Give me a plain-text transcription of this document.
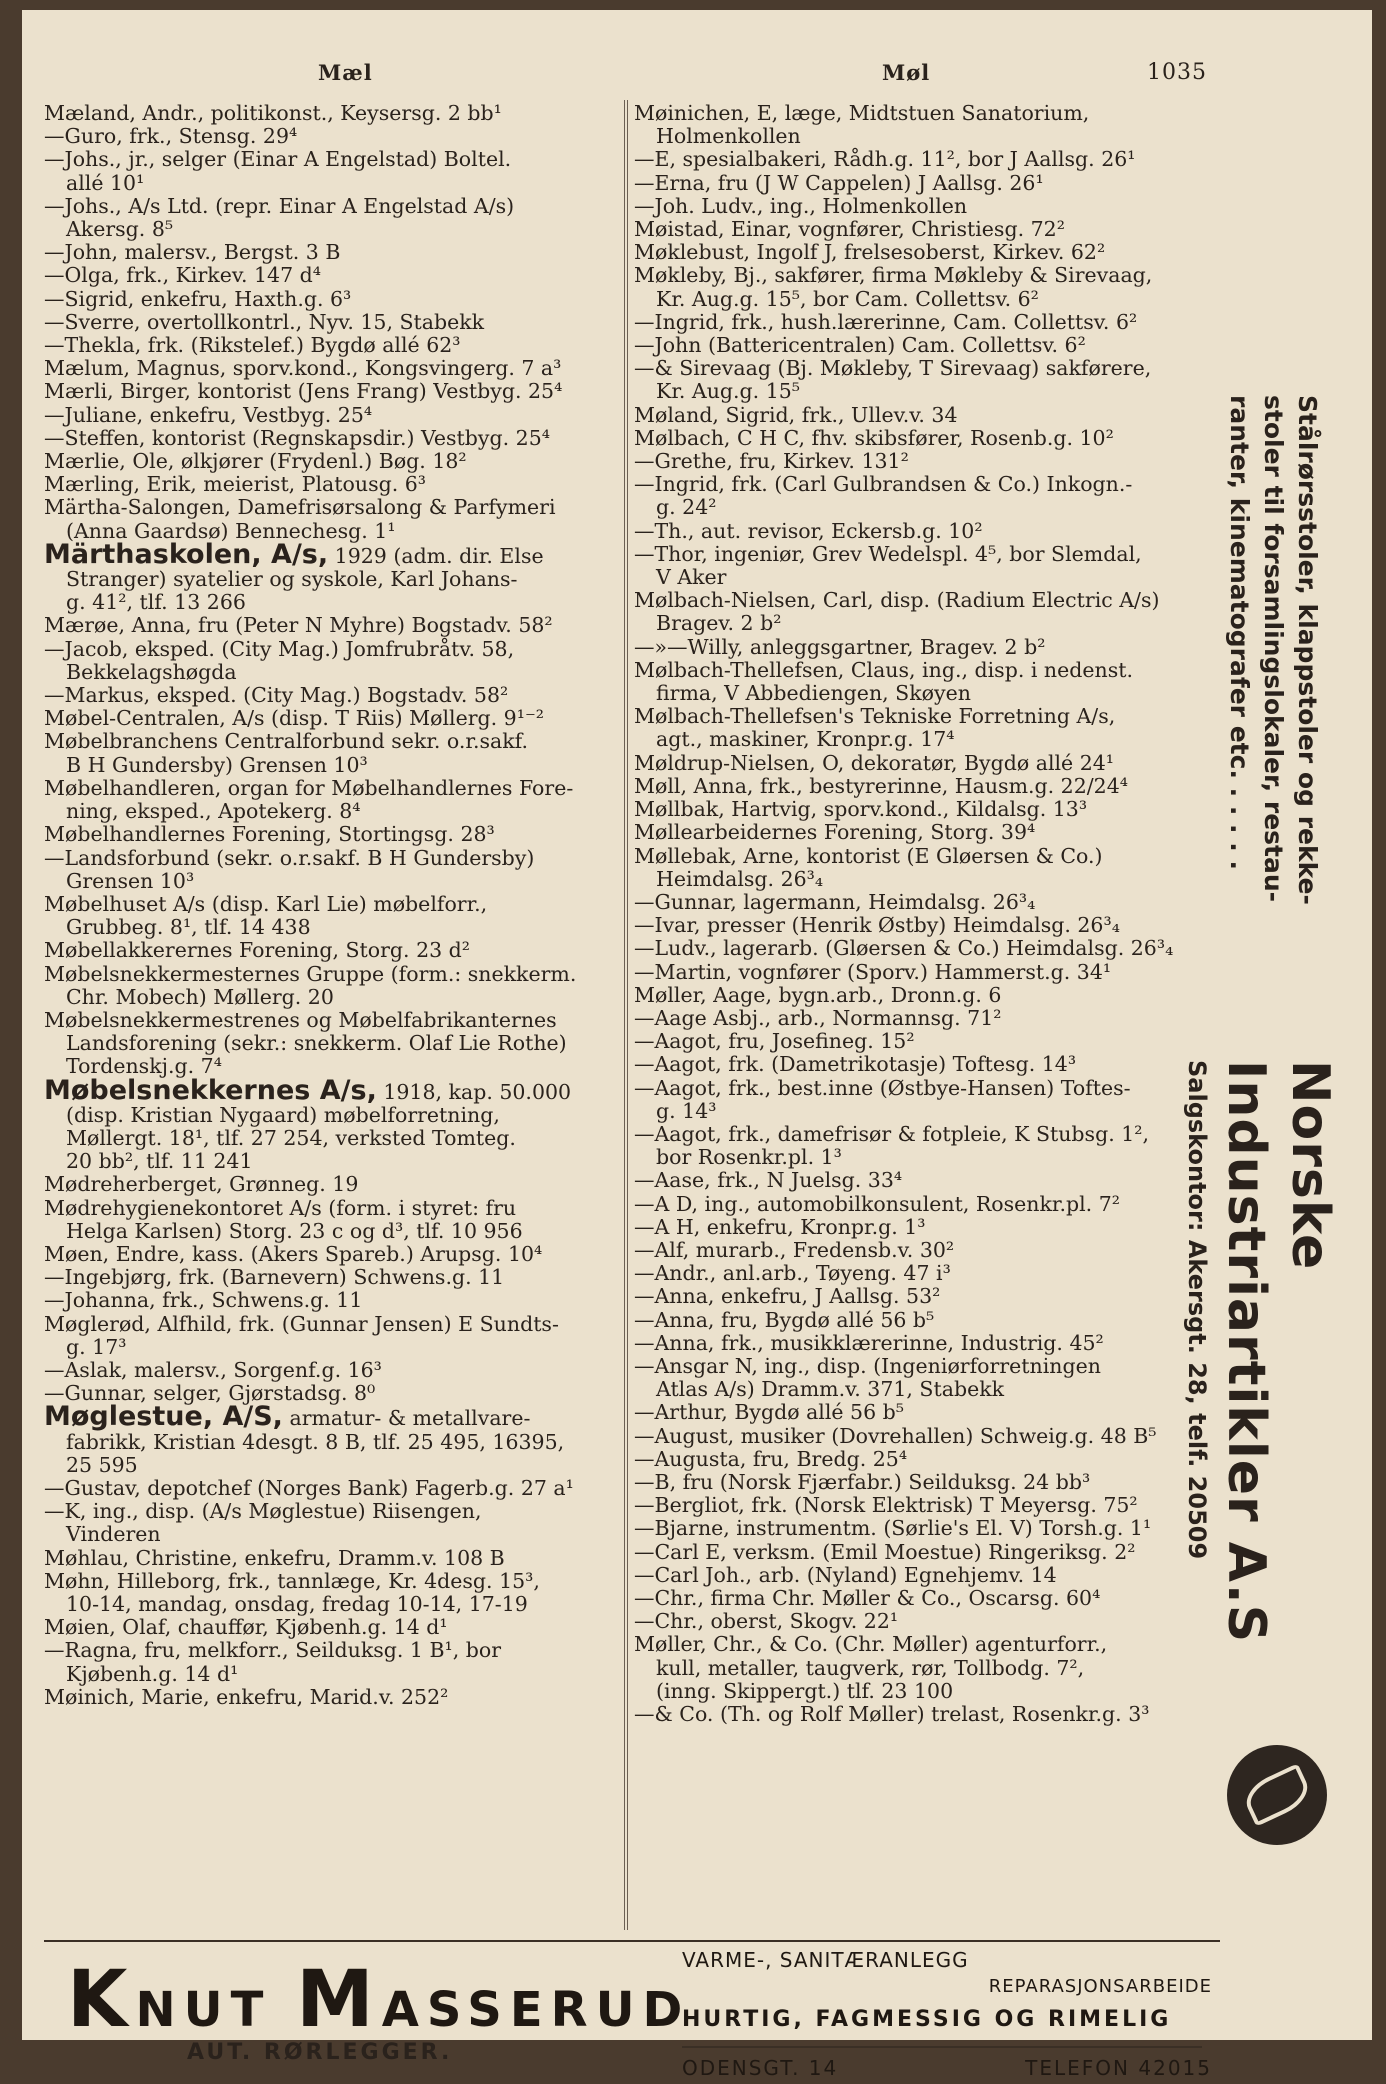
Mæl	Møl	1035
Mæland, Andr., politikonst., Keysersg. 2 bb¹
—Guro, frk., Stensg. 29⁴
—Johs., jr., selger (Einar A Engelstad) Boltel.
allé 10¹
—Johs., A/s Ltd. (repr. Einar A Engelstad A/s)
Akersg. 8⁵
—John, malersv., Bergst. 3 B
—Olga, frk., Kirkev. 147 d⁴
—Sigrid, enkefru, Haxth.g. 6³
—Sverre, overtollkontrl., Nyv. 15, Stabekk
—Thekla, frk. (Rikstelef.) Bygdø allé 62³
Mælum, Magnus, sporv.kond., Kongsvingerg. 7 a³
Mærli, Birger, kontorist (Jens Frang) Vestbyg. 25⁴
—Juliane, enkefru, Vestbyg. 25⁴
—Steffen, kontorist (Regnskapsdir.) Vestbyg. 25⁴
Mærlie, Ole, ølkjører (Frydenl.) Bøg. 18²
Mærling, Erik, meierist, Platousg. 6³
Märtha-Salongen, Damefrisørsalong & Parfymeri
(Anna Gaardsø) Bennechesg. 1¹
Märthaskolen, A/s, 1929 (adm. dir. Else
Stranger) syatelier og syskole, Karl Johans-
g. 41², tlf. 13 266
Mærøe, Anna, fru (Peter N Myhre) Bogstadv. 58²
—Jacob, eksped. (City Mag.) Jomfrubråtv. 58,
Bekkelagshøgda
—Markus, eksped. (City Mag.) Bogstadv. 58²
Møbel-Centralen, A/s (disp. T Riis) Møllerg. 9¹⁻²
Møbelbranchens Centralforbund sekr. o.r.sakf.
B H Gundersby) Grensen 10³
Møbelhandleren, organ for Møbelhandlernes Fore-
ning, eksped., Apotekerg. 8⁴
Møbelhandlernes Forening, Stortingsg. 28³
—Landsforbund (sekr. o.r.sakf. B H Gundersby)
Grensen 10³
Møbelhuset A/s (disp. Karl Lie) møbelforr.,
Grubbeg. 8¹, tlf. 14 438
Møbellakkerernes Forening, Storg. 23 d²
Møbelsnekkermesternes Gruppe (form.: snekkerm.
Chr. Mobech) Møllerg. 20
Møbelsnekkermestrenes og Møbelfabrikanternes
Landsforening (sekr.: snekkerm. Olaf Lie Rothe)
Tordenskj.g. 7⁴
Møbelsnekkernes A/s, 1918, kap. 50.000
(disp. Kristian Nygaard) møbelforretning,
Møllergt. 18¹, tlf. 27 254, verksted Tomteg.
20 bb², tlf. 11 241
Mødreherberget, Grønneg. 19
Mødrehygienekontoret A/s (form. i styret: fru
Helga Karlsen) Storg. 23 c og d³, tlf. 10 956
Møen, Endre, kass. (Akers Spareb.) Arupsg. 10⁴
—Ingebjørg, frk. (Barnevern) Schwens.g. 11
—Johanna, frk., Schwens.g. 11
Møglerød, Alfhild, frk. (Gunnar Jensen) E Sundts-
g. 17³
—Aslak, malersv., Sorgenf.g. 16³
—Gunnar, selger, Gjørstadsg. 8⁰
Møglestue, A/S, armatur- & metallvare-
fabrikk, Kristian 4desgt. 8 B, tlf. 25 495, 16395,
25 595
—Gustav, depotchef (Norges Bank) Fagerb.g. 27 a¹
—K, ing., disp. (A/s Møglestue) Riisengen,
Vinderen
Møhlau, Christine, enkefru, Dramm.v. 108 B
Møhn, Hilleborg, frk., tannlæge, Kr. 4desg. 15³,
10-14, mandag, onsdag, fredag 10-14, 17-19
Møien, Olaf, chauffør, Kjøbenh.g. 14 d¹
—Ragna, fru, melkforr., Seilduksg. 1 B¹, bor
Kjøbenh.g. 14 d¹
Møinich, Marie, enkefru, Marid.v. 252²
Møinichen, E, læge, Midtstuen Sanatorium,
Holmenkollen
—E, spesialbakeri, Rådh.g. 11², bor J Aallsg. 26¹
—Erna, fru (J W Cappelen) J Aallsg. 26¹
—Joh. Ludv., ing., Holmenkollen
Møistad, Einar, vognfører, Christiesg. 72²
Møklebust, Ingolf J, frelsesoberst, Kirkev. 62²
Møkleby, Bj., sakfører, firma Møkleby & Sirevaag,
Kr. Aug.g. 15⁵, bor Cam. Collettsv. 6²
—Ingrid, frk., hush.lærerinne, Cam. Collettsv. 6²
—John (Battericentralen) Cam. Collettsv. 6²
—& Sirevaag (Bj. Møkleby, T Sirevaag) sakførere,
Kr. Aug.g. 15⁵
Møland, Sigrid, frk., Ullev.v. 34
Mølbach, C H C, fhv. skibsfører, Rosenb.g. 10²
—Grethe, fru, Kirkev. 131²
—Ingrid, frk. (Carl Gulbrandsen & Co.) Inkogn.-
g. 24²
—Th., aut. revisor, Eckersb.g. 10²
—Thor, ingeniør, Grev Wedelspl. 4⁵, bor Slemdal,
V Aker
Mølbach-Nielsen, Carl, disp. (Radium Electric A/s)
Bragev. 2 b²
—»—Willy, anleggsgartner, Bragev. 2 b²
Mølbach-Thellefsen, Claus, ing., disp. i nedenst.
firma, V Abbediengen, Skøyen
Mølbach-Thellefsen's Tekniske Forretning A/s,
agt., maskiner, Kronpr.g. 17⁴
Møldrup-Nielsen, O, dekoratør, Bygdø allé 24¹
Møll, Anna, frk., bestyrerinne, Hausm.g. 22/24⁴
Møllbak, Hartvig, sporv.kond., Kildalsg. 13³
Møllearbeidernes Forening, Storg. 39⁴
Møllebak, Arne, kontorist (E Gløersen & Co.)
Heimdalsg. 26³₄
—Gunnar, lagermann, Heimdalsg. 26³₄
—Ivar, presser (Henrik Østby) Heimdalsg. 26³₄
—Ludv., lagerarb. (Gløersen & Co.) Heimdalsg. 26³₄
—Martin, vognfører (Sporv.) Hammerst.g. 34¹
Møller, Aage, bygn.arb., Dronn.g. 6
—Aage Asbj., arb., Normannsg. 71²
—Aagot, fru, Josefineg. 15²
—Aagot, frk. (Dametrikotasje) Toftesg. 14³
—Aagot, frk., best.inne (Østbye-Hansen) Toftes-
g. 14³
—Aagot, frk., damefrisør & fotpleie, K Stubsg. 1²,
bor Rosenkr.pl. 1³
—Aase, frk., N Juelsg. 33⁴
—A D, ing., automobilkonsulent, Rosenkr.pl. 7²
—A H, enkefru, Kronpr.g. 1³
—Alf, murarb., Fredensb.v. 30²
—Andr., anl.arb., Tøyeng. 47 i³
—Anna, enkefru, J Aallsg. 53²
—Anna, fru, Bygdø allé 56 b⁵
—Anna, frk., musikklærerinne, Industrig. 45²
—Ansgar N, ing., disp. (Ingeniørforretningen
Atlas A/s) Dramm.v. 371, Stabekk
—Arthur, Bygdø allé 56 b⁵
—August, musiker (Dovrehallen) Schweig.g. 48 B⁵
—Augusta, fru, Bredg. 25⁴
—B, fru (Norsk Fjærfabr.) Seilduksg. 24 bb³
—Bergliot, frk. (Norsk Elektrisk) T Meyersg. 75²
—Bjarne, instrumentm. (Sørlie's El. V) Torsh.g. 1¹
—Carl E, verksm. (Emil Moestue) Ringeriksg. 2²
—Carl Joh., arb. (Nyland) Egnehjemv. 14
—Chr., firma Chr. Møller & Co., Oscarsg. 60⁴
—Chr., oberst, Skogv. 22¹
Møller, Chr., & Co. (Chr. Møller) agenturforr.,
kull, metaller, taugverk, rør, Tollbodg. 7²,
(inng. Skippergt.) tlf. 23 100
—& Co. (Th. og Rolf Møller) trelast, Rosenkr.g. 3³
Stålrørsstoler, klappstoler og rekke-
stoler til forsamlingslokaler, restau-
ranter, kinematografer etc. . . . . .
Norske Industriartikler A.S
Salgskontor: Akersgt. 28, telf. 20509
KNUT MASSERUD
AUT. RØRLEGGER.
VARME-, SANITÆRANLEGG
REPARASJONSARBEIDE
HURTIG, FAGMESSIG OG RIMELIG
ODENSGT. 14	TELEFON 42015
